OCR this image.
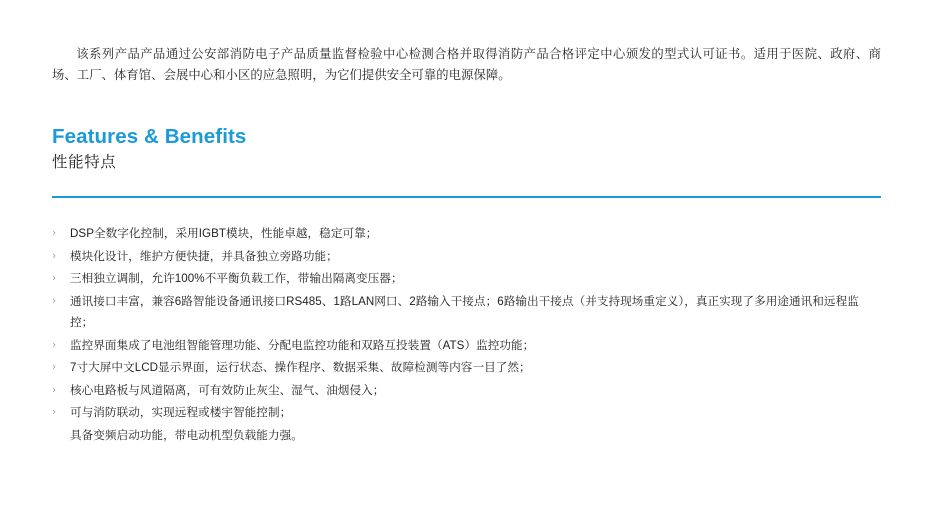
该系列产品产品通过公安部消防电子产品质量监督检验中心检测合格并取得消防产品合格评定中心颁发的型式认可证书。适用于医院、政府、商场、工厂、体育馆、会展中心和小区的应急照明，为它们提供安全可靠的电源保障。

Features & Benefits
性能特点
›	DSP全数字化控制，采用IGBT模块，性能卓越，稳定可靠；
›	模块化设计，维护方便快捷，并具备独立旁路功能；
›	三相独立调制，允许100%不平衡负载工作，带输出隔离变压器；
›	通讯接口丰富，兼容6路智能设备通讯接口RS485、1路LAN网口、2路输入干接点；6路输出干接点（并支持现场重定义），真正实现了多用途通讯和远程监控；
›	监控界面集成了电池组智能管理功能、分配电监控功能和双路互投装置（ATS）监控功能；
›	7寸大屏中文LCD显示界面，运行状态、操作程序、数据采集、故障检测等内容一目了然；
›	核心电路板与风道隔离，可有效防止灰尘、湿气、油烟侵入；
›	可与消防联动，实现远程或楼宇智能控制；
具备变频启动功能，带电动机型负载能力强。
